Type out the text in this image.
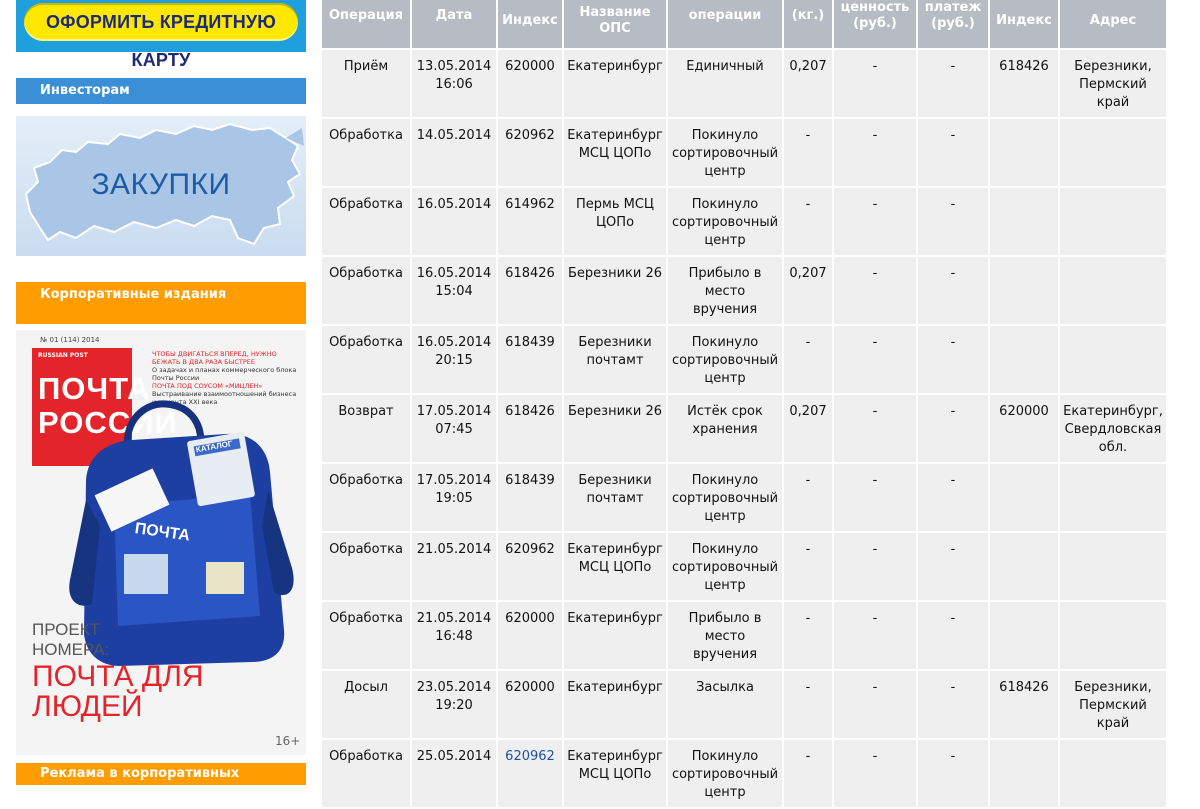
ОФОРМИТЬ КРЕДИТНУЮ КАРТУ
Инвесторам
ЗАКУПКИ
Корпоративные издания
№ 01 (114) 2014
RUSSIAN POST
ПОЧТА РОССИИ
ЧТОБЫ ДВИГАТЬСЯ ВПЕРЕД, НУЖНО БЕЖАТЬ В ДВА РАЗА БЫСТРЕЕ
О задачах и планах коммерческого блока Почты России
ПОЧТА ПОД СОУСОМ «МИЦЛЕН»
Выстраивание взаимоотношений бизнеса и клиента XXI века
ПОЧТА
КАТАЛОГ
ПРОЕКТ НОМЕРА:
ПОЧТА ДЛЯ ЛЮДЕЙ
16+
Реклама в корпоративных
Операция	Дата	Индекс	Название ОПС	операции	(кг.)	ценность (руб.)	платеж (руб.)	Индекс	Адрес

Приём	13.05.2014 16:06	620000	Екатеринбург	Единичный	0,207	-	-	618426	Березники, Пермский край
Обработка	14.05.2014	620962	Екатеринбург МСЦ ЦОПо	Покинуло сортировочный центр	-	-	-		
Обработка	16.05.2014	614962	Пермь МСЦ ЦОПо	Покинуло сортировочный центр	-	-	-		
Обработка	16.05.2014 15:04	618426	Березники 26	Прибыло в место вручения	0,207	-	-		
Обработка	16.05.2014 20:15	618439	Березники почтамт	Покинуло сортировочный центр	-	-	-		
Возврат	17.05.2014 07:45	618426	Березники 26	Истёк срок хранения	0,207	-	-	620000	Екатеринбург, Свердловская обл.
Обработка	17.05.2014 19:05	618439	Березники почтамт	Покинуло сортировочный центр	-	-	-		
Обработка	21.05.2014	620962	Екатеринбург МСЦ ЦОПо	Покинуло сортировочный центр	-	-	-		
Обработка	21.05.2014 16:48	620000	Екатеринбург	Прибыло в место вручения	-	-	-		
Досыл	23.05.2014 19:20	620000	Екатеринбург	Засылка	-	-	-	618426	Березники, Пермский край
Обработка	25.05.2014	620962	Екатеринбург МСЦ ЦОПо	Покинуло сортировочный центр	-	-	-		
